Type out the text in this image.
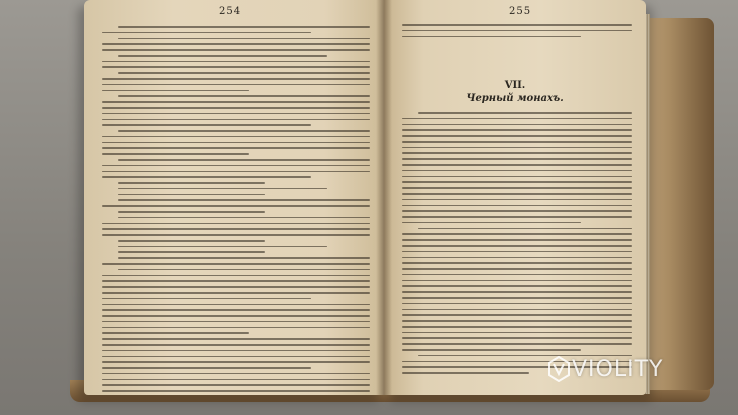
254	255
VII.
Черный монахъ.
VIOLITY
